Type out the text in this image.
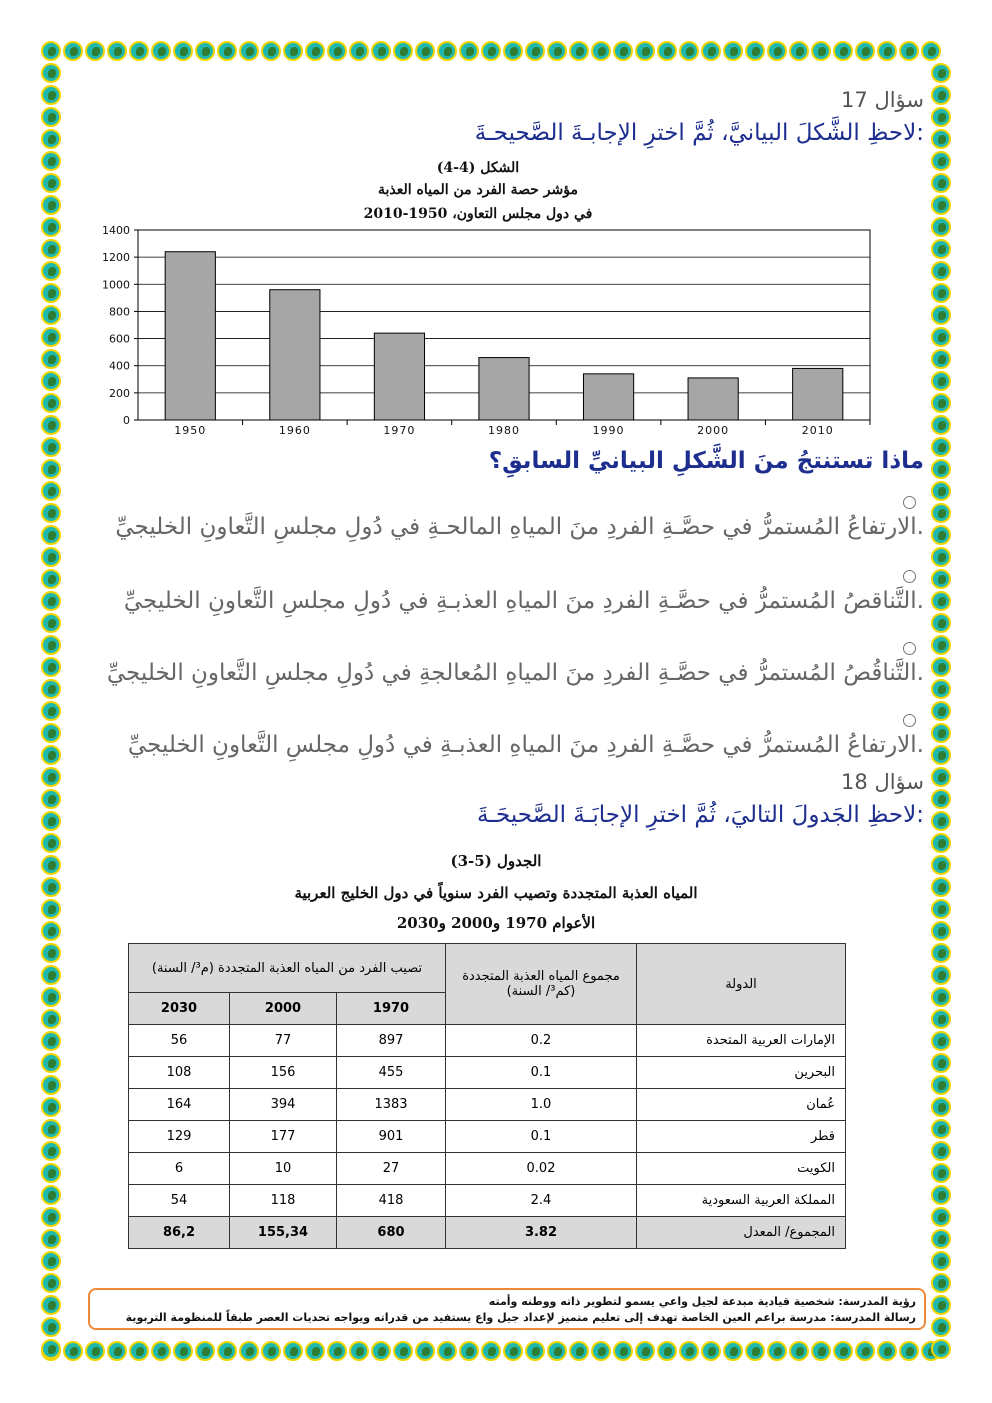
سؤال 17
:لاحظِ الشَّكلَ البيانيَّ، ثُمَّ اخترِ الإجابـةَ الصَّحيحـةَ
الشكل (4-4)
مؤشر حصة الفرد من المياه العذبة
في دول مجلس التعاون، 1950-2010
0
200
400
600
800
1000
1200
1400
1950	1960	1970	1980	1990	2000	2010
ماذا تستنتجُ منَ الشَّكلِ البيانيِّ السابقِ؟
.الارتفاعُ المُستمرُّ في حصَّـةِ الفردِ منَ المياهِ المالحـةِ في دُولِ مجلسِ التَّعاونِ الخليجيِّ
.التَّناقصُ المُستمرُّ في حصَّـةِ الفردِ منَ المياهِ العذبـةِ في دُولِ مجلسِ التَّعاونِ الخليجيِّ
.التَّناقُصُ المُستمرُّ في حصَّـةِ الفردِ منَ المياهِ المُعالجةِ في دُولِ مجلسِ التَّعاونِ الخليجيِّ
.الارتفاعُ المُستمرُّ في حصَّـةِ الفردِ منَ المياهِ العذبـةِ في دُولِ مجلسِ التَّعاونِ الخليجيِّ
سؤال 18
:لاحظِ الجَدولَ التاليَ، ثُمَّ اخترِ الإجابَـةَ الصَّحيحَـةَ
الجدول (5-3)
المياه العذبة المتجددة وتصيب الفرد سنوياً في دول الخليج العربية
الأعوام 1970 و2000 و2030
تصيب الفرد من المياه العذبة المتجددة (م³/ السنة)			مجموع المياه العذبة المتجددة (كم³/ السنة)	الدولة
2030	2000	1970		
56	77	897	0.2	الإمارات العربية المتحدة
108	156	455	0.1	البحرين
164	394	1383	1.0	عُمان
129	177	901	0.1	قطر
6	10	27	0.02	الكويت
54	118	418	2.4	المملكة العربية السعودية
86,2	155,34	680	3.82	المجموع/ المعدل
رؤية المدرسة: شخصية قيادية مبدعة لجيل واعي يسمو لتطوير ذاته ووطنه وأمته
رسالة المدرسة: مدرسة براعم العين الخاصة تهدف إلى تعليم متميز لإعداد جيل واع يستفيد من قدراته ويواجه تحديات العصر طبقاً للمنظومة التربوية
